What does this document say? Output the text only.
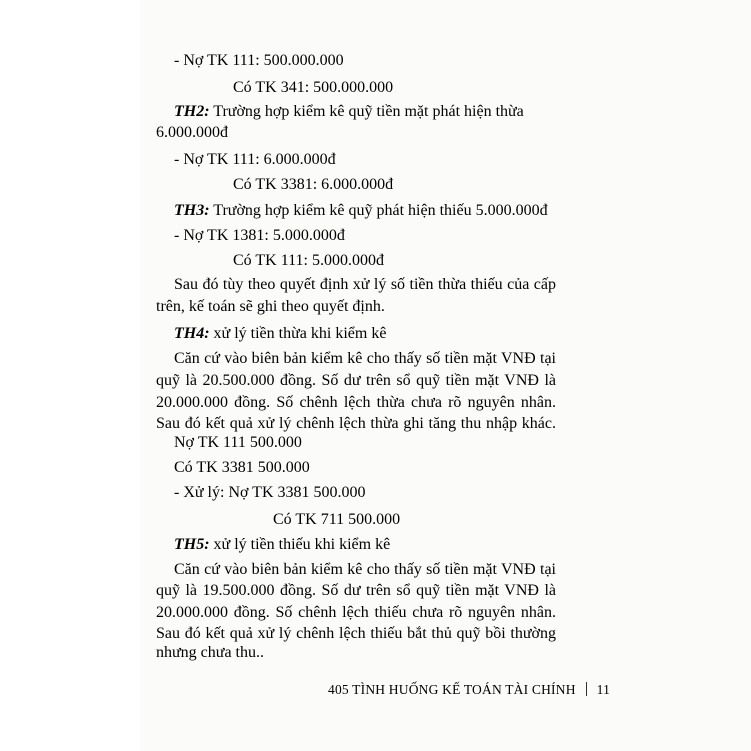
- Nợ TK 111: 500.000.000
Có TK 341: 500.000.000
TH2: Trường hợp kiểm kê quỹ tiền mặt phát hiện thừa
6.000.000đ
- Nợ TK 111: 6.000.000đ
Có TK 3381: 6.000.000đ
TH3: Trường hợp kiểm kê quỹ phát hiện thiếu 5.000.000đ
- Nợ TK 1381: 5.000.000đ
Có TK 111: 5.000.000đ
Sau đó tùy theo quyết định xử lý số tiền thừa thiếu của cấp
trên, kế toán sẽ ghi theo quyết định.
TH4: xử lý tiền thừa khi kiểm kê
Căn cứ vào biên bản kiểm kê cho thấy số tiền mặt VNĐ tại
quỹ là 20.500.000 đồng. Số dư trên sổ quỹ tiền mặt VNĐ là
20.000.000 đồng. Số chênh lệch thừa chưa rõ nguyên nhân.
Sau đó kết quả xử lý chênh lệch thừa ghi tăng thu nhập khác.
Nợ TK 111 500.000
Có TK 3381 500.000
- Xử lý: Nợ TK 3381 500.000
Có TK 711 500.000
TH5: xử lý tiền thiếu khi kiểm kê
Căn cứ vào biên bản kiểm kê cho thấy số tiền mặt VNĐ tại
quỹ là 19.500.000 đồng. Số dư trên sổ quỹ tiền mặt VNĐ là
20.000.000 đồng. Số chênh lệch thiếu chưa rõ nguyên nhân.
Sau đó kết quả xử lý chênh lệch thiếu bắt thủ quỹ bồi thường
nhưng chưa thu..
405 TÌNH HUỐNG KẾ TOÁN TÀI CHÍNH 11
